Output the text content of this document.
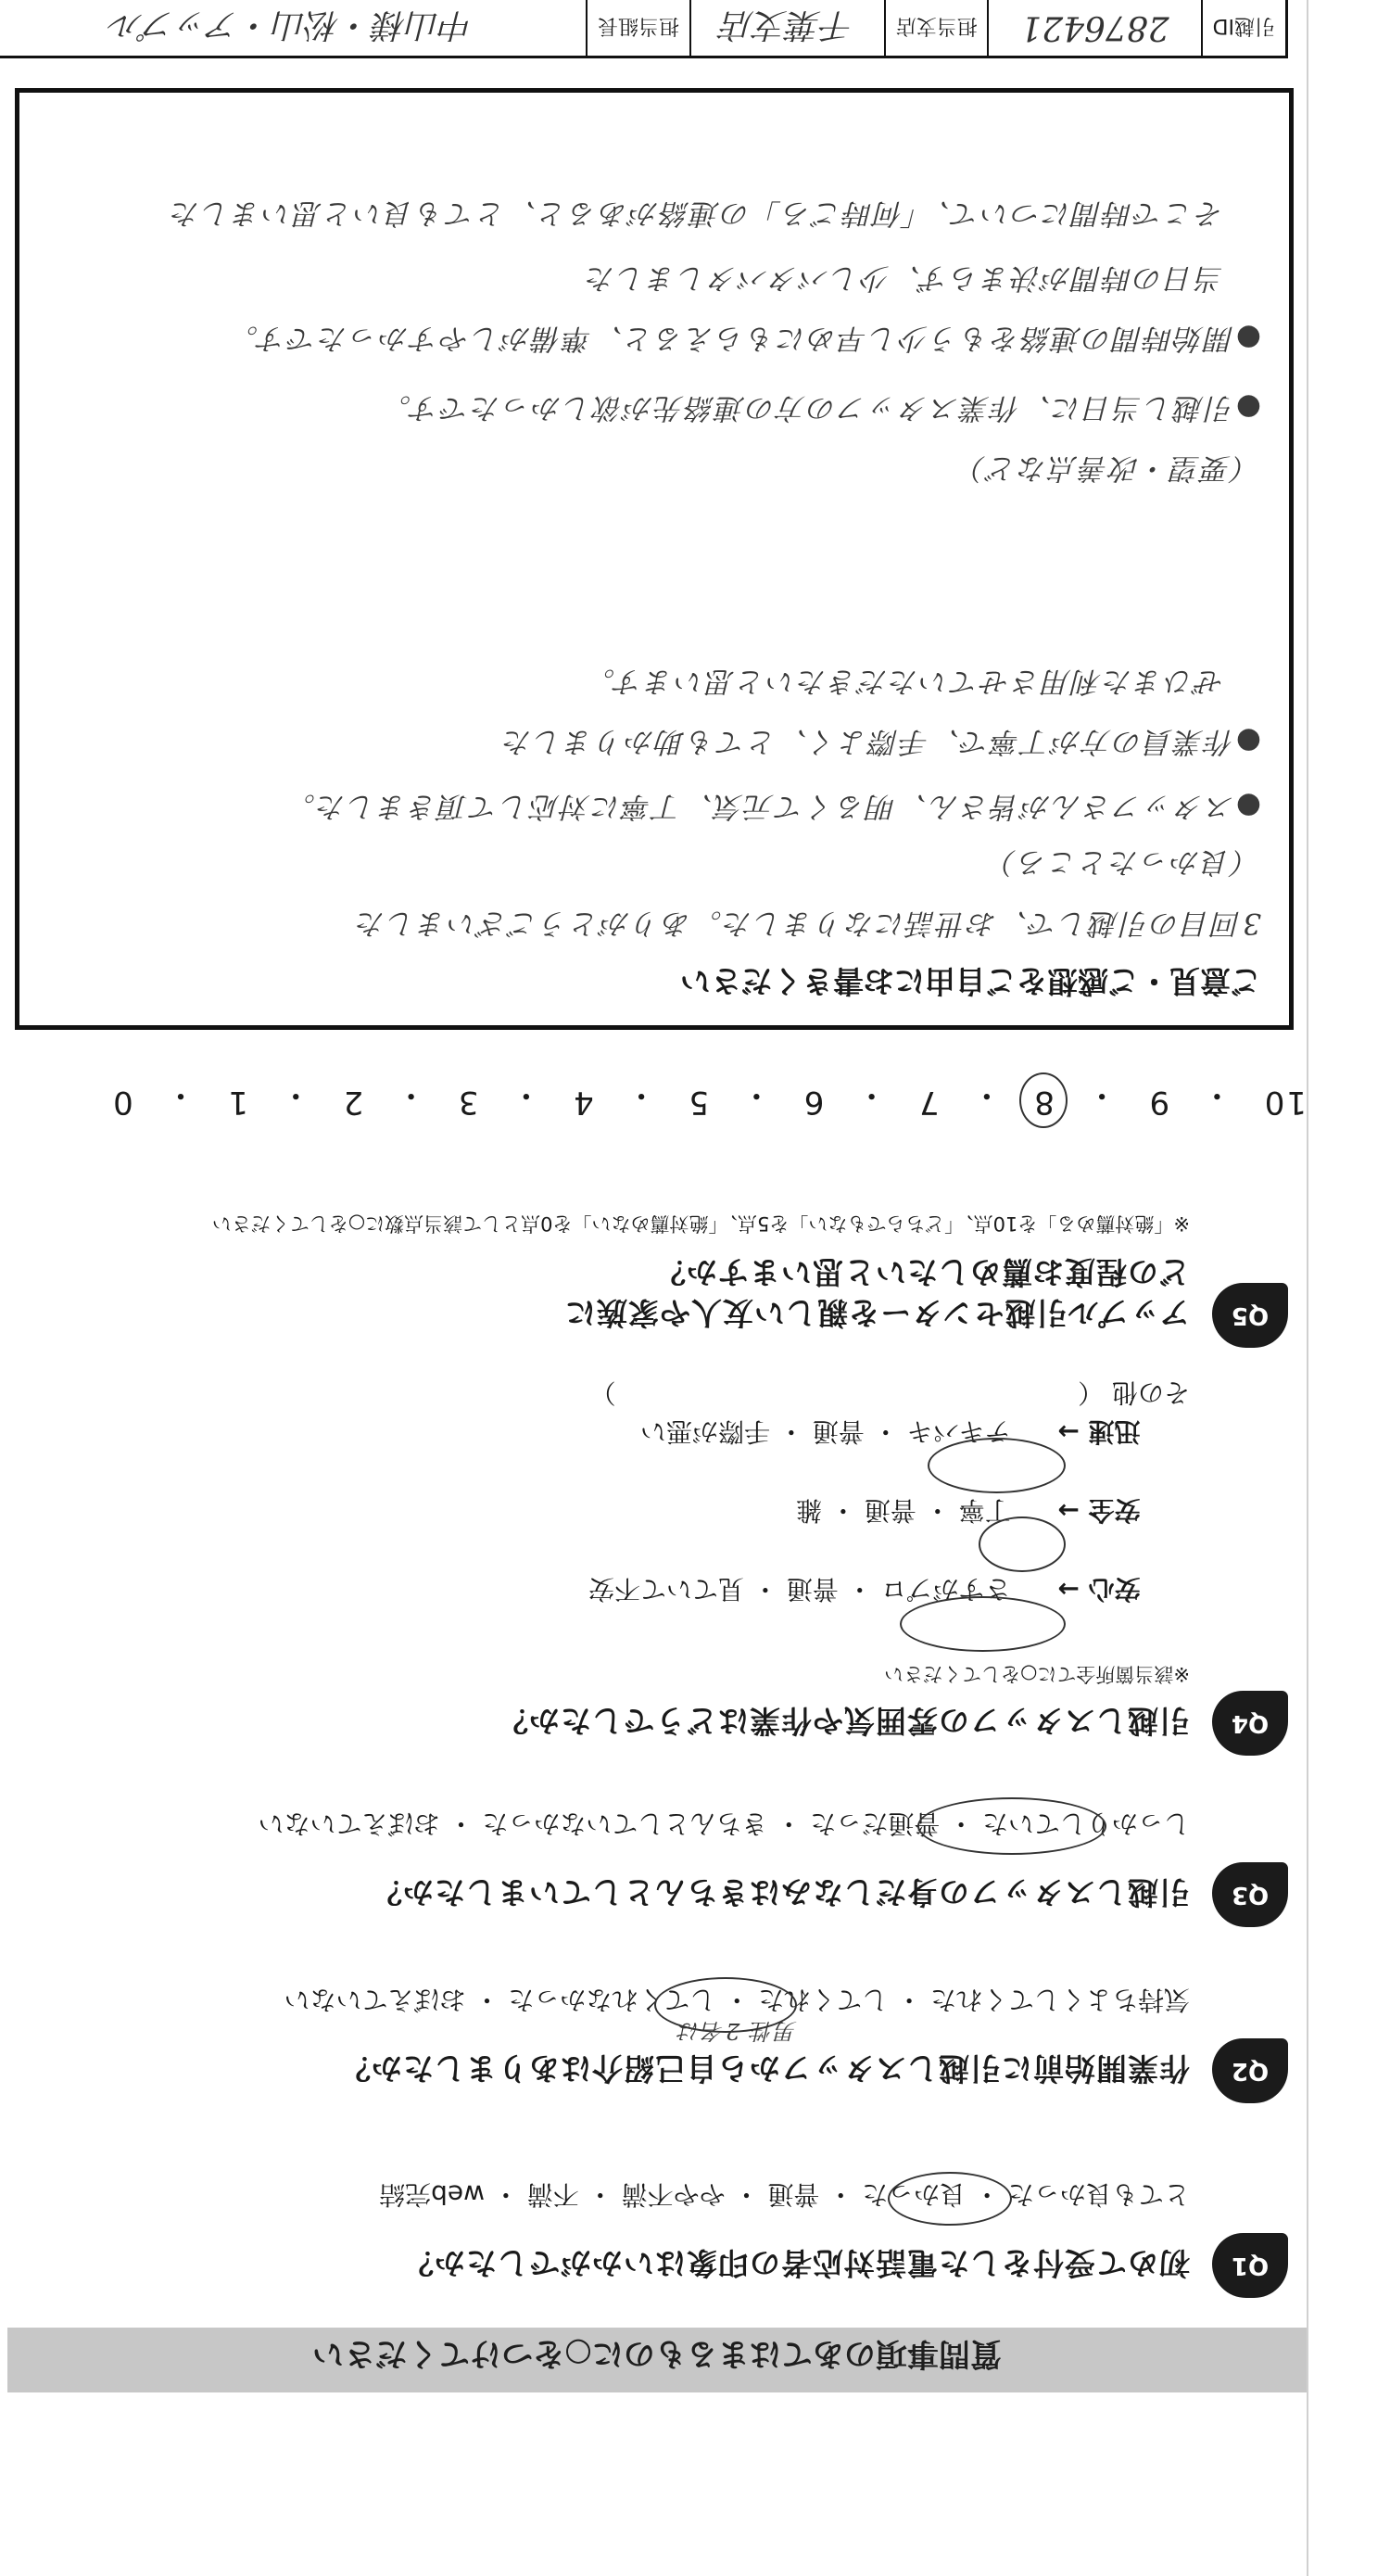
質問事項のあてはまるものに○をつけてください
Q1
初めて受付をした電話対応者の印象はいかがでしたか？
とても良かった ・ 良かった ・ 普通 ・ やや不満 ・ 不満 ・ web完結
Q2
作業開始前に引越しスタッフから自己紹介はありましたか？
気持ちよくしてくれた ・ してくれた ・ してくれなかった ・ おぼえていない
男性 2名は
Q3
引越しスタッフの身だしなみはきちんとしていましたか？
しっかりしていた ・ 普通だった ・ きちんとしていなかった ・ おぼえていない
Q4
引越しスタッフの雰囲気や作業はどうでしたか？
※該当箇所全てに○をしてください

安心 →さすがプロ ・ 普通 ・ 見ていて不安

安全 →丁寧 ・ 普通 ・ 雑

迅速 →テキパキ ・ 普通 ・ 手際が悪い

その他 （                                                        ）
Q5
アップル引越センターを親しい友人や家族に
どの程度お薦めしたいと思いますか？
※「絶対薦める」を10点、「どちらでもない」を5点、「絶対薦めない」を0点として該当点数に○をしてください
10
・
9
・
8
・
7
・
6
・
5
・
4
・
3
・
2
・
1
・
0
ご意見・ご感想をご自由にお書きください
3回目の引越しで、お世話になりました。ありがとうございました
（良かったところ）
●スタッフさんが皆さん、明るくて元気、丁寧に対応して頂きました。
●作業員の方が丁寧で、手際よく、とても助かりました
ぜひまた利用させていただきたいと思います。
（要望・改善点など）
●引越し当日に、作業スタッフの方の連絡先が欲しかったです。
●開始時間の連絡をもう少し早めにもらえると、準備がしやすかったです。
当日の時間が決まらず、少しバタバタしました
そこで時間について、「何時ごろ」の連絡があると、とても良いと思いました
引越ID
2876421
担当支店
千葉支店
担当組長
中山様・松山・アップル
